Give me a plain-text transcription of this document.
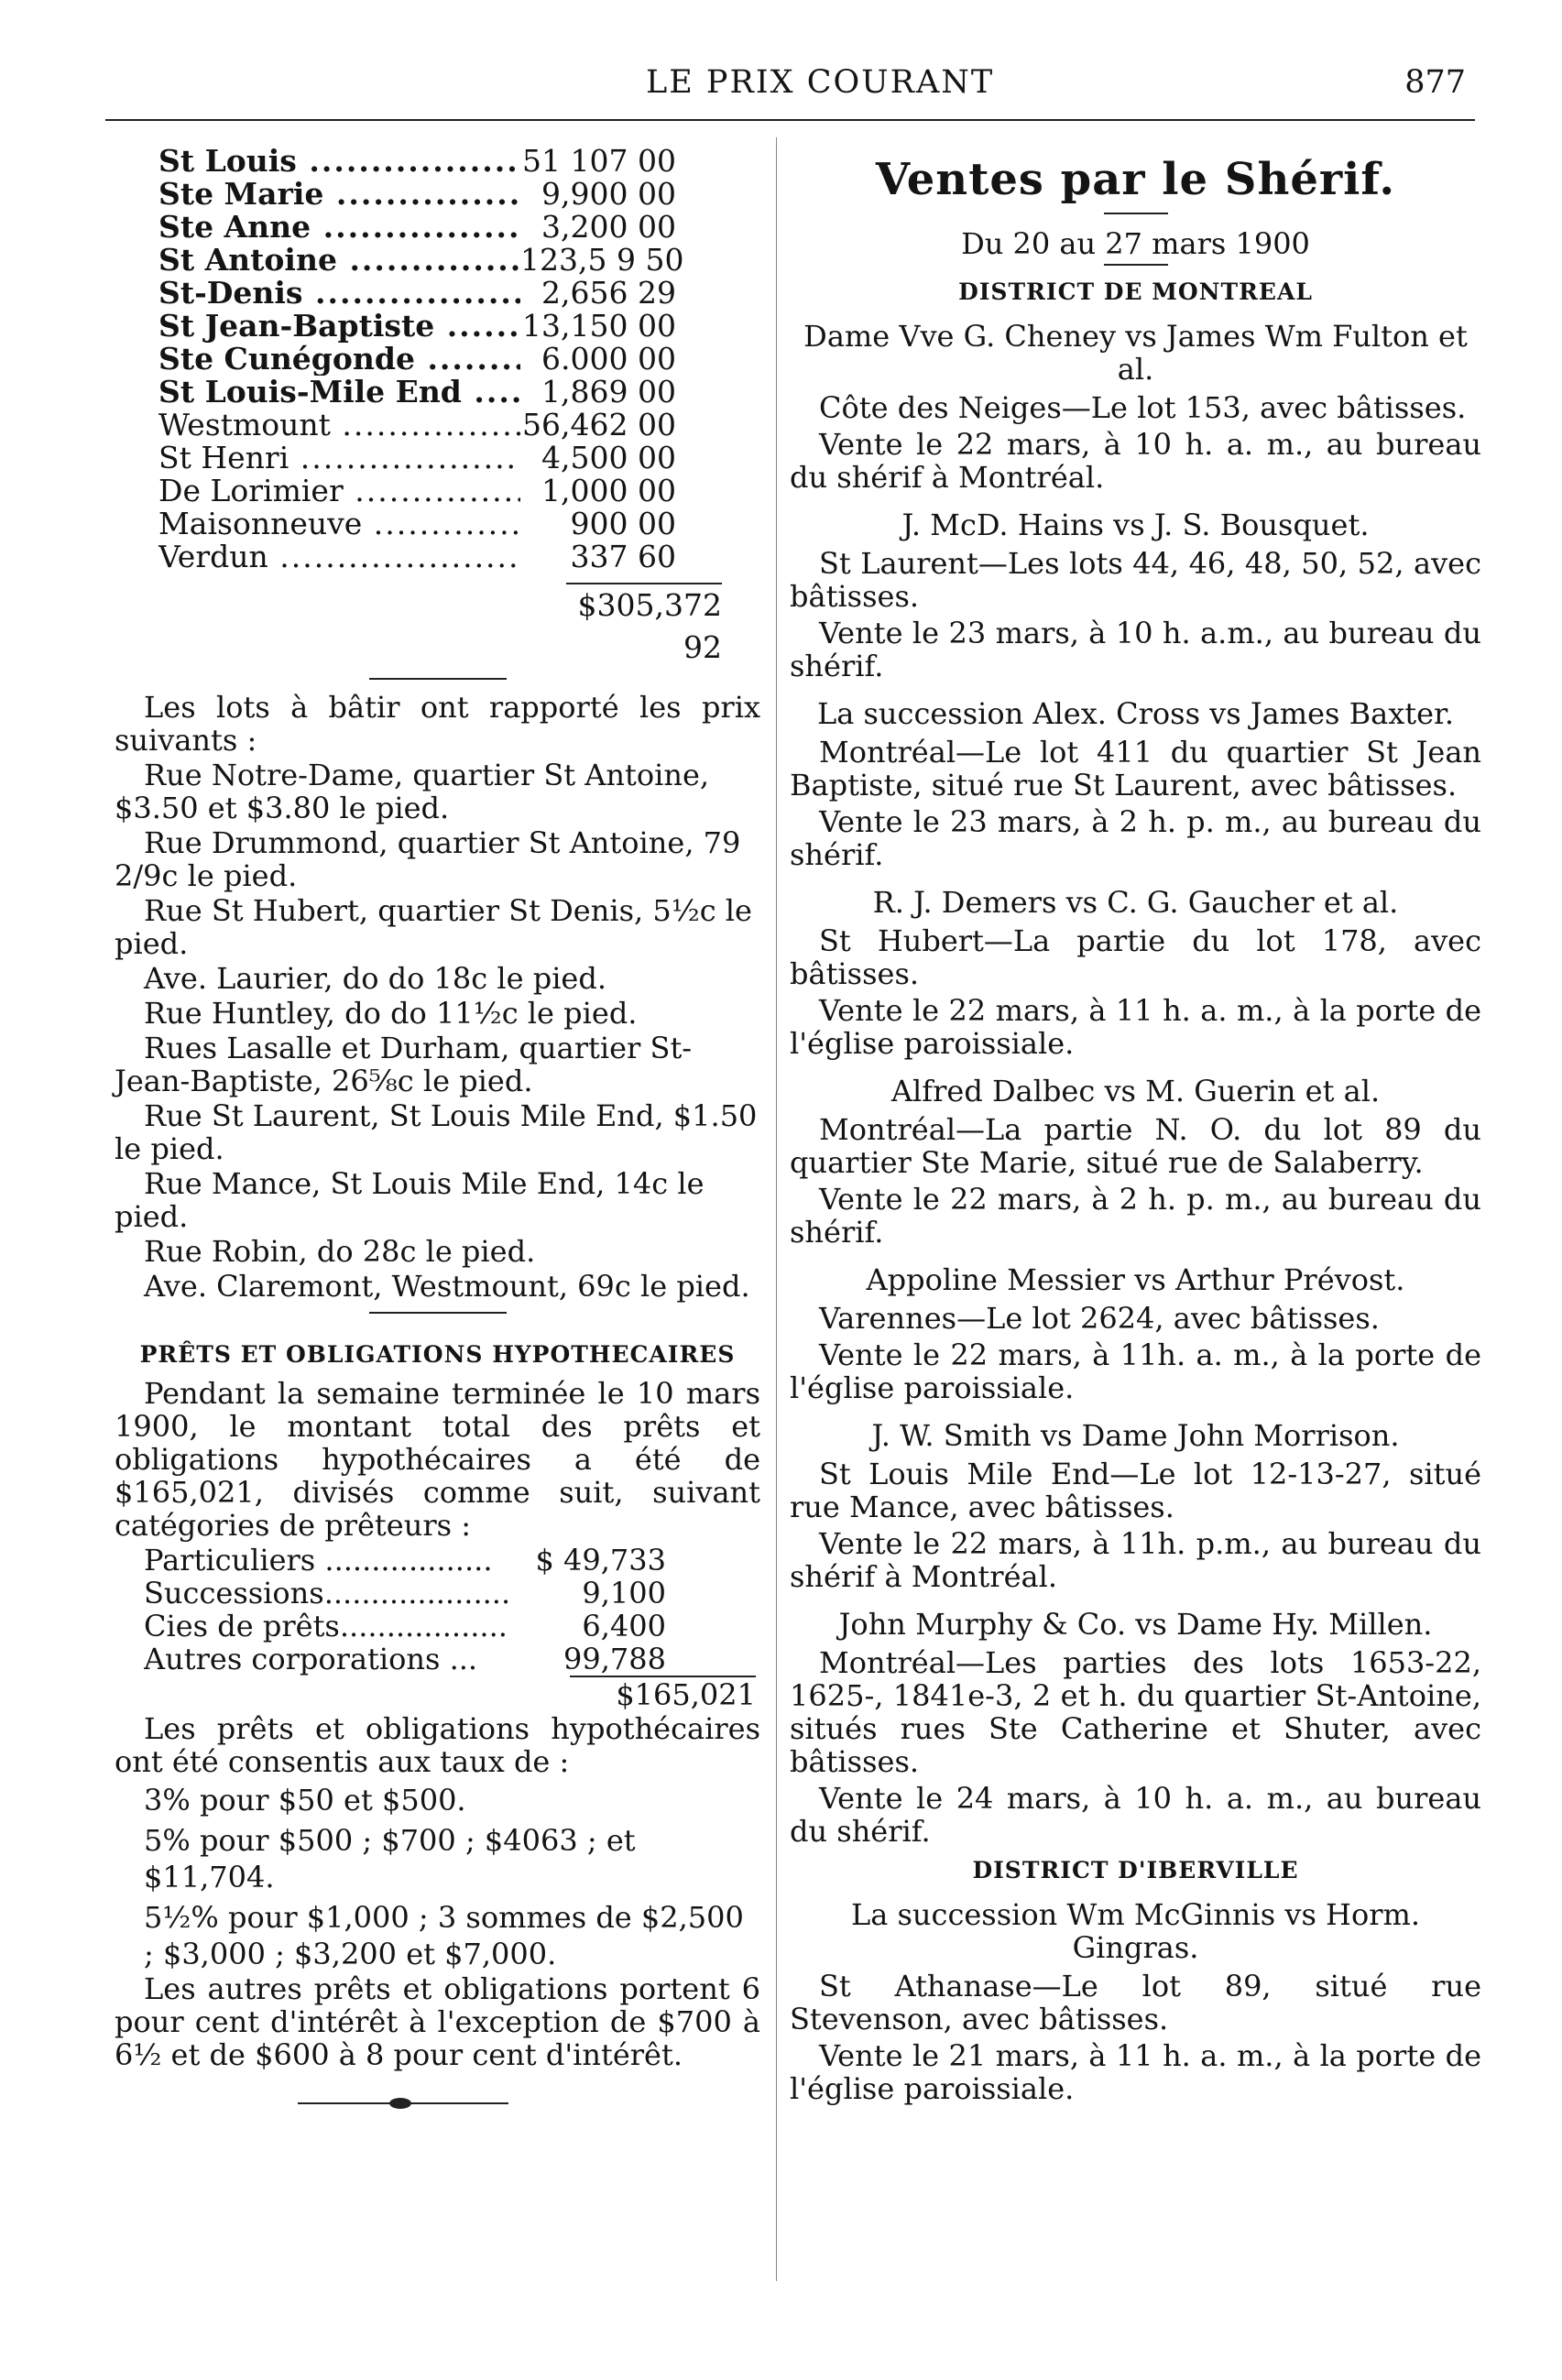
LE PRIX COURANT	877
St Louis .....	51 107 00
Ste Marie .....	9,900 00
Ste Anne .....	3,200 00
St Antoine .....	123,5 9 50
St-Denis .....	2,656 29
St Jean-Baptiste .....	13,150 00
Ste Cunégonde .....	6.000 00
St Louis-Mile End .....	1,869 00
Westmount .....	56,462 00
St Henri .....	4,500 00
De Lorimier .....	1,000 00
Maisonneuve .....	900 00
Verdun .....	337 60
$305,372 92

Les lots à bâtir ont rapporté les prix suivants :

Rue Notre-Dame, quartier St Antoine, $3.50 et $3.80 le pied.

Rue Drummond, quartier St Antoine, 79 2/9c le pied.

Rue St Hubert, quartier St Denis, 5½c le pied.

Ave. Laurier, do do 18c le pied.

Rue Huntley, do do 11½c le pied.

Rues Lasalle et Durham, quartier St-Jean-Baptiste, 26⅝c le pied.

Rue St Laurent, St Louis Mile End, $1.50 le pied.

Rue Mance, St Louis Mile End, 14c le pied.

Rue Robin, do 28c le pied.

Ave. Claremont, Westmount, 69c le pied.

PRÊTS ET OBLIGATIONS HYPOTHECAIRES

Pendant la semaine terminée le 10 mars 1900, le montant total des prêts et obligations hypothécaires a été de $165,021, divisés comme suit, suivant catégories de prêteurs :

Particuliers ..................	$ 49,733
Successions....................	9,100
Cies de prêts..................	6,400
Autres corporations ...	99,788
$165,021

Les prêts et obligations hypothécaires ont été consentis aux taux de :

3% pour $50 et $500.

5% pour $500 ; $700 ; $4063 ; et $11,704.

5½% pour $1,000 ; 3 sommes de $2,500 ; $3,000 ; $3,200 et $7,000.

Les autres prêts et obligations portent 6 pour cent d'intérêt à l'exception de $700 à 6½ et de $600 à 8 pour cent d'intérêt.

Ventes par le Shérif.
Du 20 au 27 mars 1900
DISTRICT DE MONTREAL
Dame Vve G. Cheney vs James Wm Fulton et al.

Côte des Neiges—Le lot 153, avec bâtisses.

Vente le 22 mars, à 10 h. a. m., au bureau du shérif à Montréal.

J. McD. Hains vs J. S. Bousquet.

St Laurent—Les lots 44, 46, 48, 50, 52, avec bâtisses.

Vente le 23 mars, à 10 h. a.m., au bureau du shérif.

La succession Alex. Cross vs James Baxter.

Montréal—Le lot 411 du quartier St Jean Baptiste, situé rue St Laurent, avec bâtisses.

Vente le 23 mars, à 2 h. p. m., au bureau du shérif.

R. J. Demers vs C. G. Gaucher et al.

St Hubert—La partie du lot 178, avec bâtisses.

Vente le 22 mars, à 11 h. a. m., à la porte de l'église paroissiale.

Alfred Dalbec vs M. Guerin et al.

Montréal—La partie N. O. du lot 89 du quartier Ste Marie, situé rue de Salaberry.

Vente le 22 mars, à 2 h. p. m., au bureau du shérif.

Appoline Messier vs Arthur Prévost.

Varennes—Le lot 2624, avec bâtisses.

Vente le 22 mars, à 11h. a. m., à la porte de l'église paroissiale.

J. W. Smith vs Dame John Morrison.

St Louis Mile End—Le lot 12-13-27, situé rue Mance, avec bâtisses.

Vente le 22 mars, à 11h. p.m., au bureau du shérif à Montréal.

John Murphy & Co. vs Dame Hy. Millen.

Montréal—Les parties des lots 1653-22, 1625-, 1841e-3, 2 et h. du quartier St-Antoine, situés rues Ste Catherine et Shuter, avec bâtisses.

Vente le 24 mars, à 10 h. a. m., au bureau du shérif.

DISTRICT D'IBERVILLE
La succession Wm McGinnis vs Horm. Gingras.

St Athanase—Le lot 89, situé rue Stevenson, avec bâtisses.

Vente le 21 mars, à 11 h. a. m., à la porte de l'église paroissiale.
